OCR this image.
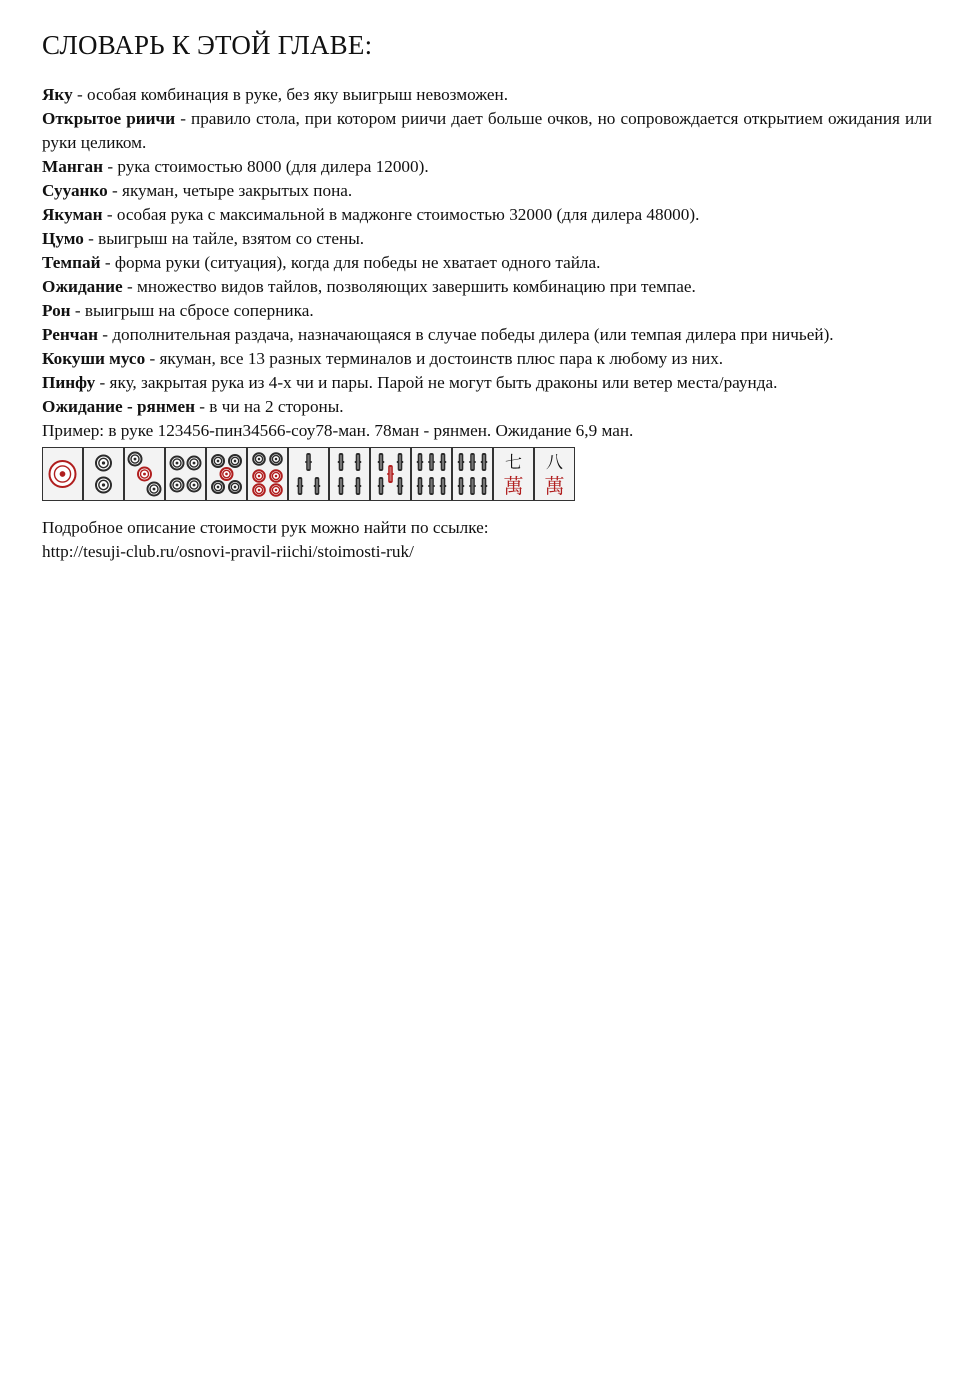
СЛОВАРЬ К ЭТОЙ ГЛАВЕ:

Яку - особая комбинация в руке, без яку выигрыш невозможен.

Открытое риичи - правило стола, при котором риичи дает больше очков, но сопровождается открытием ожидания или руки целиком.

Манган - рука стоимостью 8000 (для дилера 12000).

Сууанко - якуман, четыре закрытых пона.

Якуман - особая рука с максимальной в маджонге стоимостью 32000 (для дилера 48000).

Цумо - выигрыш на тайле, взятом со стены.

Темпай - форма руки (ситуация), когда для победы не хватает одного тайла.

Ожидание - множество видов тайлов, позволяющих завершить комбинацию при темпае.

Рон - выигрыш на сбросе соперника.

Ренчан - дополнительная раздача, назначающаяся в случае победы дилера (или темпая дилера при ничьей).

Кокуши мусо - якуман, все 13 разных терминалов и достоинств плюс пара к любому из них.

Пинфу - яку, закрытая рука из 4-х чи и пары. Парой не могут быть драконы или ветер места/раунда.

Ожидание - рянмен - в чи на 2 стороны.

Пример: в руке 123456-пин34566-соу78-ман. 78ман - рянмен. Ожидание 6,9 ман.

七
萬
八
萬
Подробное описание стоимости рук можно найти по ссылке:
http://tesuji-club.ru/osnovi-pravil-riichi/stoimosti-ruk/
